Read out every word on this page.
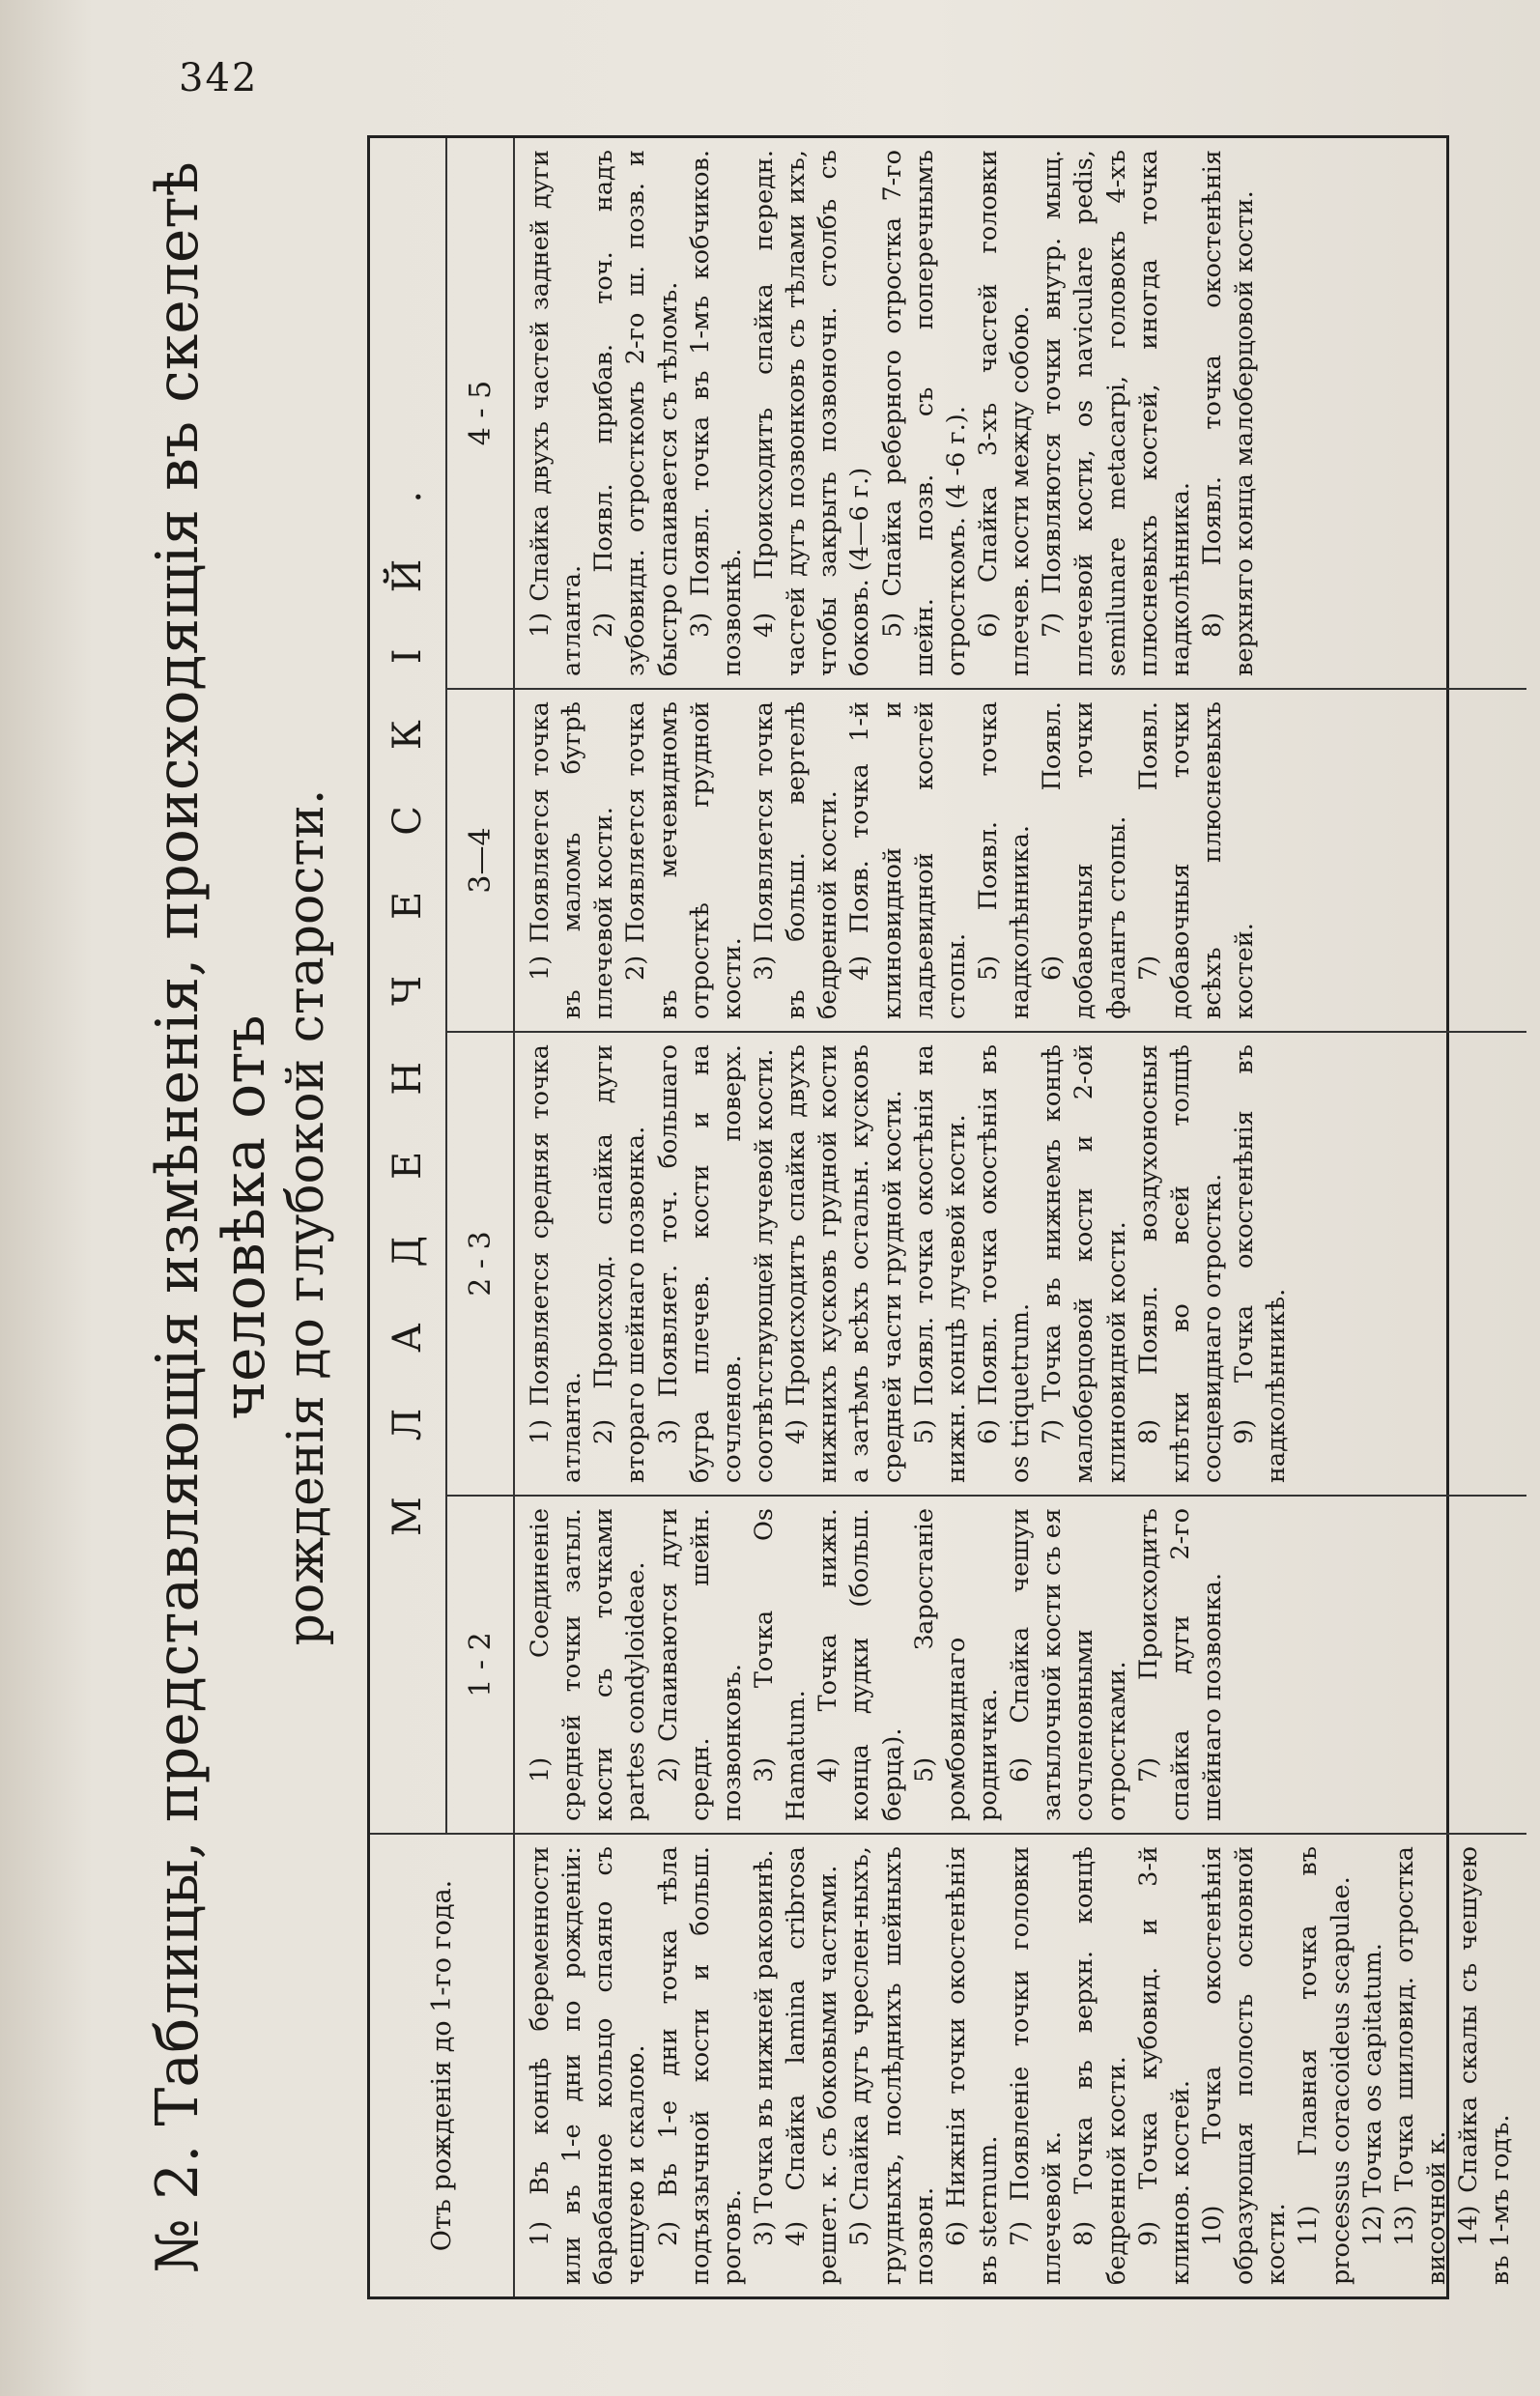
342
№ 2. Таблицы, представляющія измѣненія, происходящія въ скелетѣ человѣка отъ рожденія до глубокой старости.
Отъ рожденія до 1-го года.
МЛАДЕНЧЕСКІЙ.
1 - 2
2 - 3
3—4
4 - 5

1) Въ концѣ беременности или въ 1-е дни по рожденіи: барабанное кольцо спаяно съ чешуею и скалою. 2) Въ 1-е дни точка тѣла подъязычной кости и больш. роговъ. 3) Точка въ нижней раковинѣ. 4) Спайка lamina cribrosa решет. к. съ боковыми частями. 5) Спайка дугъ чреслен-ныхъ, грудныхъ, послѣднихъ шейныхъ позвон. 6) Нижнія точки окостенѣнія въ sternum. 7) Появленіе точки головки плечевой к. 8) Точка въ верхн. концѣ бедренной кости. 9) Точка кубовид. и 3-й клинов. костей. 10) Точка окостенѣнія образующая полость основной кости. 11) Главная точка въ processus coracoideus scapulae. 12) Точка os capitatum. 13) Точка шиловид. отростка височной к. 14) Спайка скалы съ чешуею въ 1-мъ годъ.

1) Соединеніе средней точки затыл. кости съ точками partes condyloideae. 2) Спаиваются дуги средн. шейн. позвонковъ. 3) Точка Os Hamatum. 4) Точка нижн. конца дудки (больш. берца). 5) Заростаніе ромбовиднаго родничка. 6) Спайка чешуи затылочной кости съ ея сочленовными отростками. 7) Происходитъ спайка дуги 2-го шейнаго позвонка.

1) Появляется средняя точка атланта. 2) Происход. спайка дуги втораго шейнаго позвонка. 3) Появляет. точ. большаго бугра плечев. кости и на сочленов. поверх. соотвѣтствующей лучевой кости. 4) Происходитъ спайка двухъ нижнихъ кусковъ грудной кости а затѣмъ всѣхъ остальн. кусковъ средней части грудной кости. 5) Появл. точка окостѣнія на нижн. концѣ лучевой кости. 6) Появл. точка окостѣнія въ os triquetrum. 7) Точка въ нижнемъ концѣ малоберцовой кости и 2-ой клиновидной кости. 8) Появл. воздухоносныя клѣтки во всей толщѣ сосцевиднаго отростка. 9) Точка окостенѣнія въ надколѣнникѣ.

1) Появляется точка въ маломъ бугрѣ плечевой кости. 2) Появляется точка въ мечевидномъ отросткѣ грудной кости. 3) Появляется точка въ больш. вертелѣ бедренной кости. 4) Появ. точка 1-й клиновидной и ладьевидной костей стопы. 5) Появл. точка надколѣнника. 6) Появл. добавочныя точки фалангъ стопы. 7) Появл. добавочныя точки всѣхъ плюсневыхъ костей.

1) Спайка двухъ частей задней дуги атланта. 2) Появл. прибав. точ. надъ зубовидн. отросткомъ 2-го ш. позв. и быстро спаивается съ тѣломъ. 3) Появл. точка въ 1-мъ кобчиков. позвонкѣ. 4) Происходитъ спайка передн. частей дугъ позвонковъ съ тѣлами ихъ, чтобы закрыть позвоночн. столбъ съ боковъ. (4—6 г.) 5) Спайка реберного отростка 7-го шейн. позв. съ поперечнымъ отросткомъ. (4 -6 г.). 6) Спайка 3-хъ частей головки плечев. кости между собою. 7) Появляются точки внутр. мыщ. плечевой кости, os naviculare pedis, semilunare metacarpi, головокъ 4-хъ плюсневыхъ костей, иногда точка надколѣнника. 8) Появл. точка окостенѣнія верхняго конца малоберцовой кости.
